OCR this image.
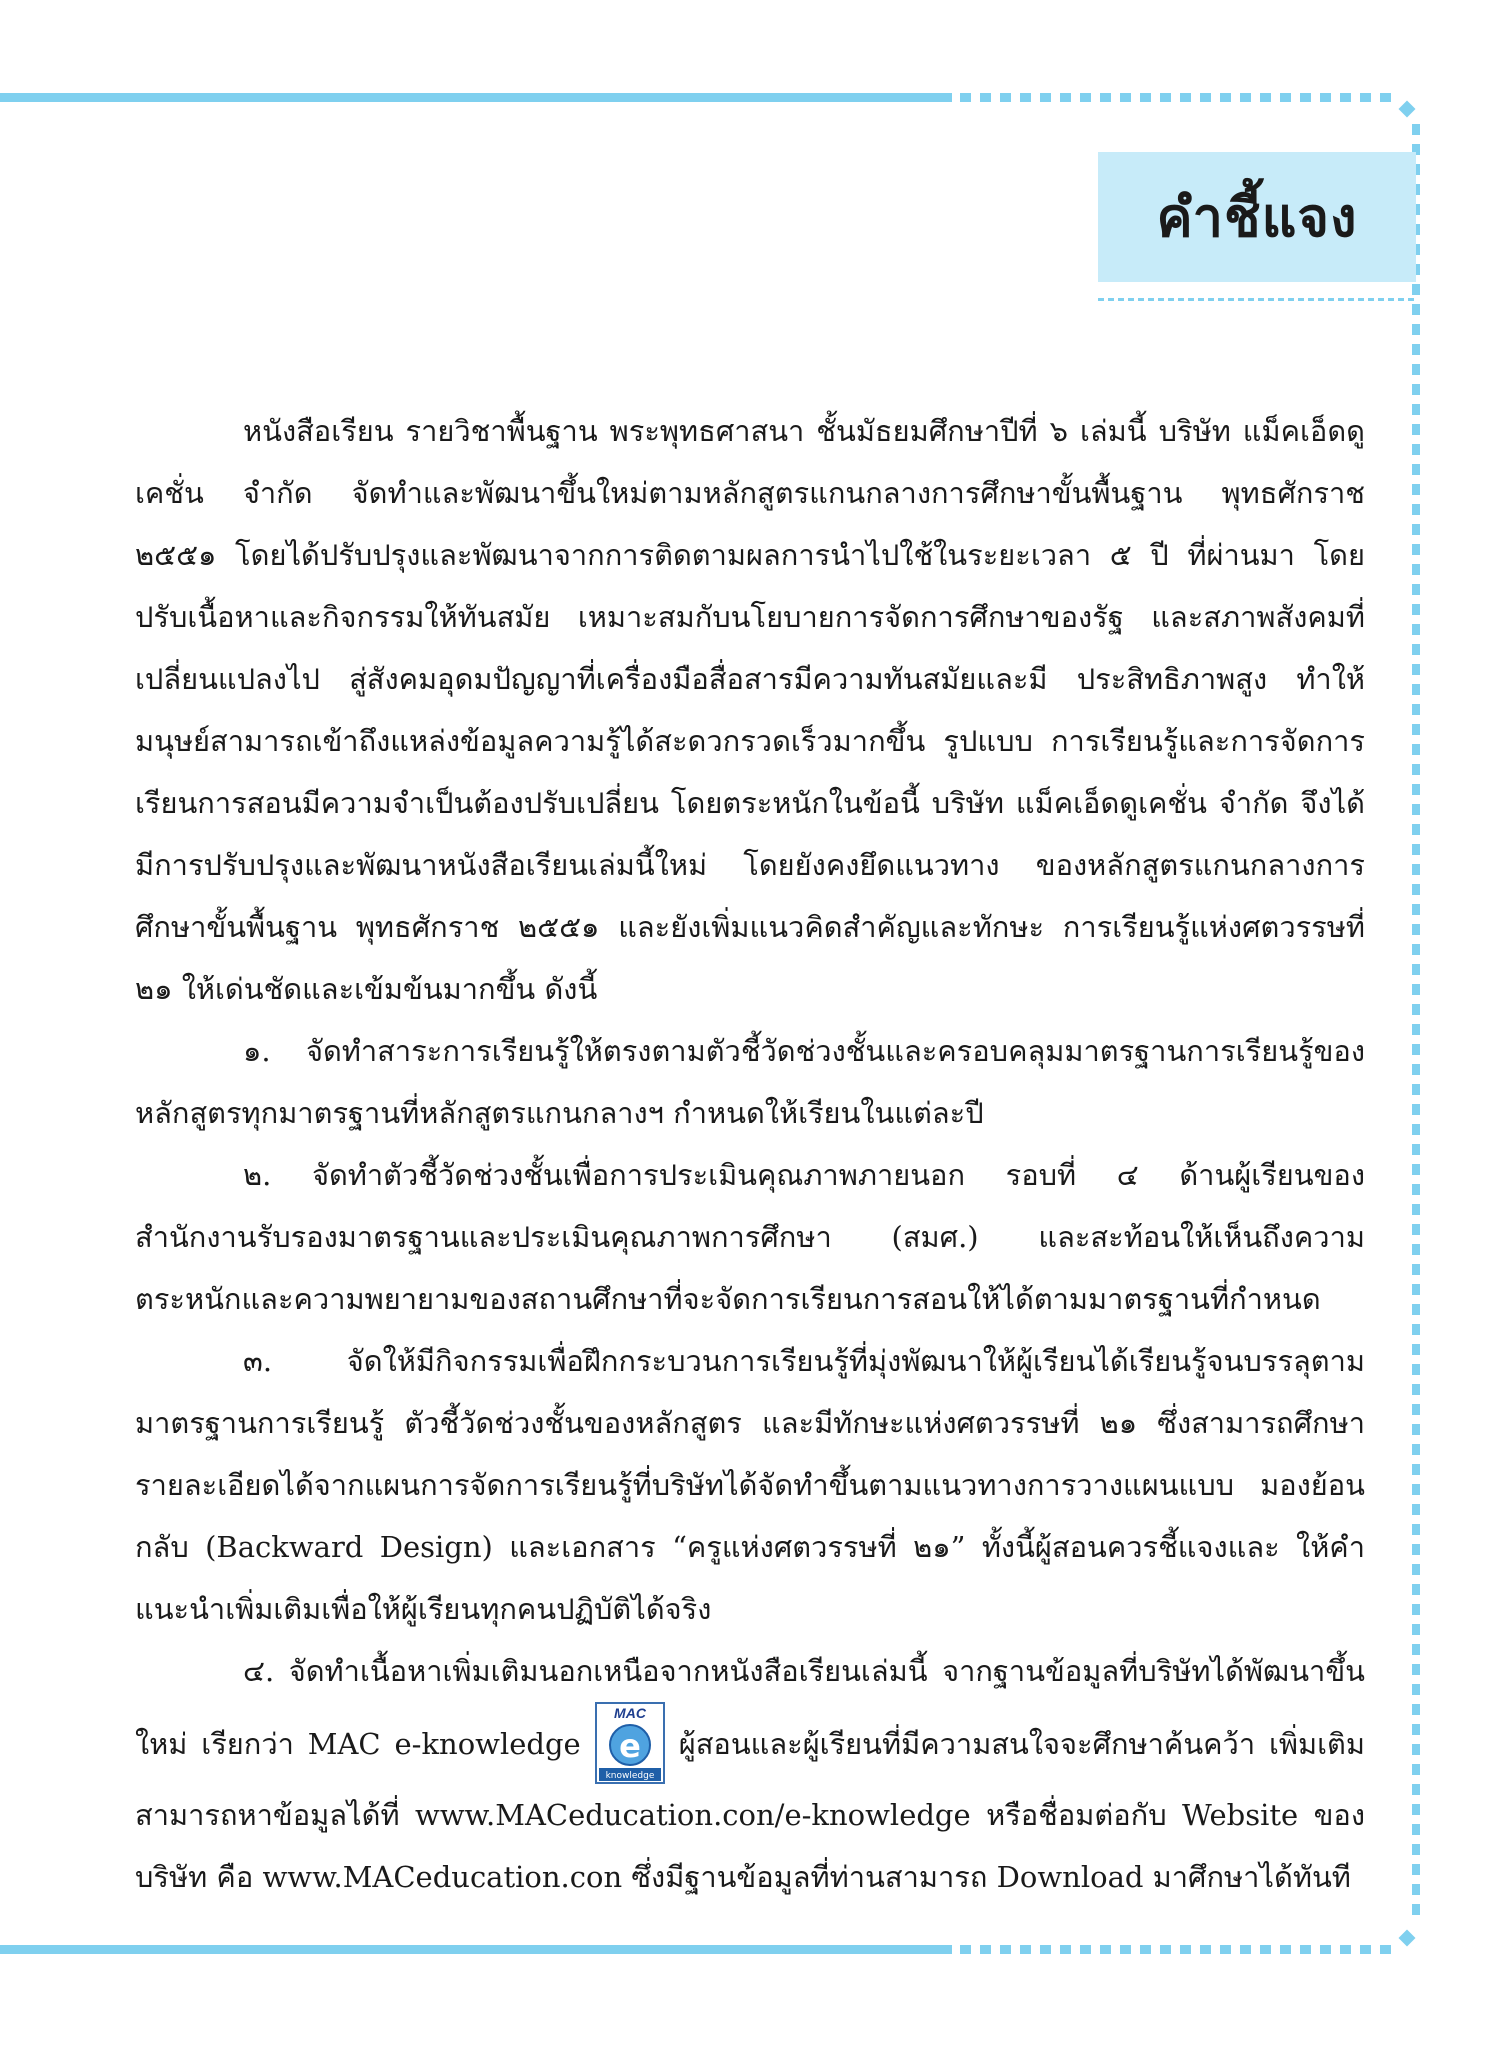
คำชี้แจง

หนังสือเรียน รายวิชาพื้นฐาน พระพุทธศาสนา ชั้นมัธยมศึกษาปีที่ ๖ เล่มนี้ บริษัท แม็คเอ็ดดูเคชั่น จำกัด จัดทำและพัฒนาขึ้นใหม่ตามหลักสูตรแกนกลางการศึกษาขั้นพื้นฐาน พุทธศักราช ๒๕๕๑ โดยได้ปรับปรุงและพัฒนาจากการติดตามผลการนำไปใช้ในระยะเวลา ๕ ปี ที่ผ่านมา โดยปรับเนื้อหาและกิจกรรมให้ทันสมัย เหมาะสมกับนโยบายการจัดการศึกษาของรัฐ และสภาพสังคมที่เปลี่ยนแปลงไป สู่สังคมอุดมปัญญาที่เครื่องมือสื่อสารมีความทันสมัยและมี ประสิทธิภาพสูง ทำให้มนุษย์สามารถเข้าถึงแหล่งข้อมูลความรู้ได้สะดวกรวดเร็วมากขึ้น รูปแบบ การเรียนรู้และการจัดการเรียนการสอนมีความจำเป็นต้องปรับเปลี่ยน โดยตระหนักในข้อนี้ บริษัท แม็คเอ็ดดูเคชั่น จำกัด จึงได้มีการปรับปรุงและพัฒนาหนังสือเรียนเล่มนี้ใหม่ โดยยังคงยึดแนวทาง ของหลักสูตรแกนกลางการศึกษาขั้นพื้นฐาน พุทธศักราช ๒๕๕๑ และยังเพิ่มแนวคิดสำคัญและทักษะ การเรียนรู้แห่งศตวรรษที่ ๒๑ ให้เด่นชัดและเข้มข้นมากขึ้น ดังนี้

๑. จัดทำสาระการเรียนรู้ให้ตรงตามตัวชี้วัดช่วงชั้นและครอบคลุมมาตรฐานการเรียนรู้ของ หลักสูตรทุกมาตรฐานที่หลักสูตรแกนกลางฯ กำหนดให้เรียนในแต่ละปี

๒. จัดทำตัวชี้วัดช่วงชั้นเพื่อการประเมินคุณภาพภายนอก รอบที่ ๔ ด้านผู้เรียนของ สำนักงานรับรองมาตรฐานและประเมินคุณภาพการศึกษา (สมศ.) และสะท้อนให้เห็นถึงความ ตระหนักและความพยายามของสถานศึกษาที่จะจัดการเรียนการสอนให้ได้ตามมาตรฐานที่กำหนด

๓. จัดให้มีกิจกรรมเพื่อฝึกกระบวนการเรียนรู้ที่มุ่งพัฒนาให้ผู้เรียนได้เรียนรู้จนบรรลุตาม มาตรฐานการเรียนรู้ ตัวชี้วัดช่วงชั้นของหลักสูตร และมีทักษะแห่งศตวรรษที่ ๒๑ ซึ่งสามารถศึกษา รายละเอียดได้จากแผนการจัดการเรียนรู้ที่บริษัทได้จัดทำขึ้นตามแนวทางการวางแผนแบบ มองย้อนกลับ (Backward Design) และเอกสาร “ครูแห่งศตวรรษที่ ๒๑” ทั้งนี้ผู้สอนควรชี้แจงและ ให้คำแนะนำเพิ่มเติมเพื่อให้ผู้เรียนทุกคนปฏิบัติได้จริง

๔. จัดทำเนื้อหาเพิ่มเติมนอกเหนือจากหนังสือเรียนเล่มนี้ จากฐานข้อมูลที่บริษัทได้พัฒนาขึ้น ใหม่ เรียกว่า MAC e-knowledge
MAC
e
knowledge
ผู้สอนและผู้เรียนที่มีความสนใจจะศึกษาค้นคว้า เพิ่มเติม สามารถหาข้อมูลได้ที่ www.MACeducation.con/e-knowledge หรือชื่อมต่อกับ Website ของบริษัท คือ www.MACeducation.con ซึ่งมีฐานข้อมูลที่ท่านสามารถ Download มาศึกษาได้ทันที
